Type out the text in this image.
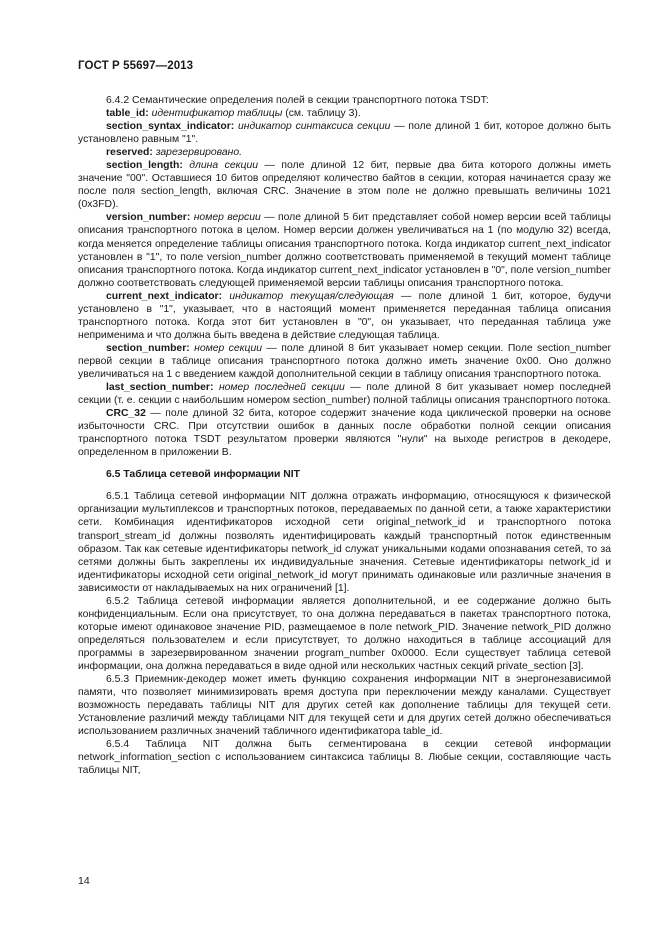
ГОСТ Р 55697—2013

6.4.2 Семантические определения полей в секции транспортного потока TSDT:

table_id: идентификатор таблицы (см. таблицу 3).

section_syntax_indicator: индикатор синтаксиса секции — поле длиной 1 бит, которое должно быть установлено равным "1".

reserved: зарезервировано.

section_length: длина секции — поле длиной 12 бит, первые два бита которого должны иметь значение "00". Оставшиеся 10 битов определяют количество байтов в секции, которая начинается сразу же после поля section_length, включая CRC. Значение в этом поле не должно превышать величины 1021 (0x3FD).

version_number: номер версии — поле длиной 5 бит представляет собой номер версии всей таблицы описания транспортного потока в целом. Номер версии должен увеличиваться на 1 (по модулю 32) всегда, когда меняется определение таблицы описания транспортного потока. Когда индикатор current_next_indicator установлен в "1", то поле version_number должно соответствовать применяемой в текущий момент таблице описания транспортного потока. Когда индикатор current_next_indicator установлен в "0", поле version_number должно соответствовать следующей применяемой версии таблицы описания транспортного потока.

current_next_indicator: индикатор текущая/следующая — поле длиной 1 бит, которое, будучи установлено в "1", указывает, что в настоящий момент применяется переданная таблица описания транспортного потока. Когда этот бит установлен в "0", он указывает, что переданная таблица уже неприменима и что должна быть введена в действие следующая таблица.

section_number: номер секции — поле длиной 8 бит указывает номер секции. Поле section_number первой секции в таблице описания транспортного потока должно иметь значение 0x00. Оно должно увеличиваться на 1 с введением каждой дополнительной секции в таблицу описания транспортного потока.

last_section_number: номер последней секции — поле длиной 8 бит указывает номер последней секции (т. е. секции с наибольшим номером section_number) полной таблицы описания транспортного потока.

CRC_32 — поле длиной 32 бита, которое содержит значение кода циклической проверки на основе избыточности CRC. При отсутствии ошибок в данных после обработки полной секции описания транспортного потока TSDT результатом проверки являются "нули" на выходе регистров в декодере, определенном в приложении В.

6.5 Таблица сетевой информации NIT

6.5.1 Таблица сетевой информации NIT должна отражать информацию, относящуюся к физической организации мультиплексов и транспортных потоков, передаваемых по данной сети, а также характеристики сети. Комбинация идентификаторов исходной сети original_network_id и транспортного потока transport_stream_id должны позволять идентифицировать каждый транспортный поток единственным образом. Так как сетевые идентификаторы network_id служат уникальными кодами опознавания сетей, то за сетями должны быть закреплены их индивидуальные значения. Сетевые идентификаторы network_id и идентификаторы исходной сети original_network_id могут принимать одинаковые или различные значения в зависимости от накладываемых на них ограничений [1].

6.5.2 Таблица сетевой информации является дополнительной, и ее содержание должно быть конфиденциальным. Если она присутствует, то она должна передаваться в пакетах транспортного потока, которые имеют одинаковое значение PID, размещаемое в поле network_PID. Значение network_PID должно определяться пользователем и если присутствует, то должно находиться в таблице ассоциаций для программы в зарезервированном значении program_number 0x0000. Если существует таблица сетевой информации, она должна передаваться в виде одной или нескольких частных секций private_section [3].

6.5.3 Приемник-декодер может иметь функцию сохранения информации NIT в энергонезависимой памяти, что позволяет минимизировать время доступа при переключении между каналами. Существует возможность передавать таблицы NIT для других сетей как дополнение таблицы для текущей сети. Установление различий между таблицами NIT для текущей сети и для других сетей должно обеспечиваться использованием различных значений табличного идентификатора table_id.

6.5.4 Таблица NIT должна быть сегментирована в секции сетевой информации network_information_section с использованием синтаксиса таблицы 8. Любые секции, составляющие часть таблицы NIT,

14
